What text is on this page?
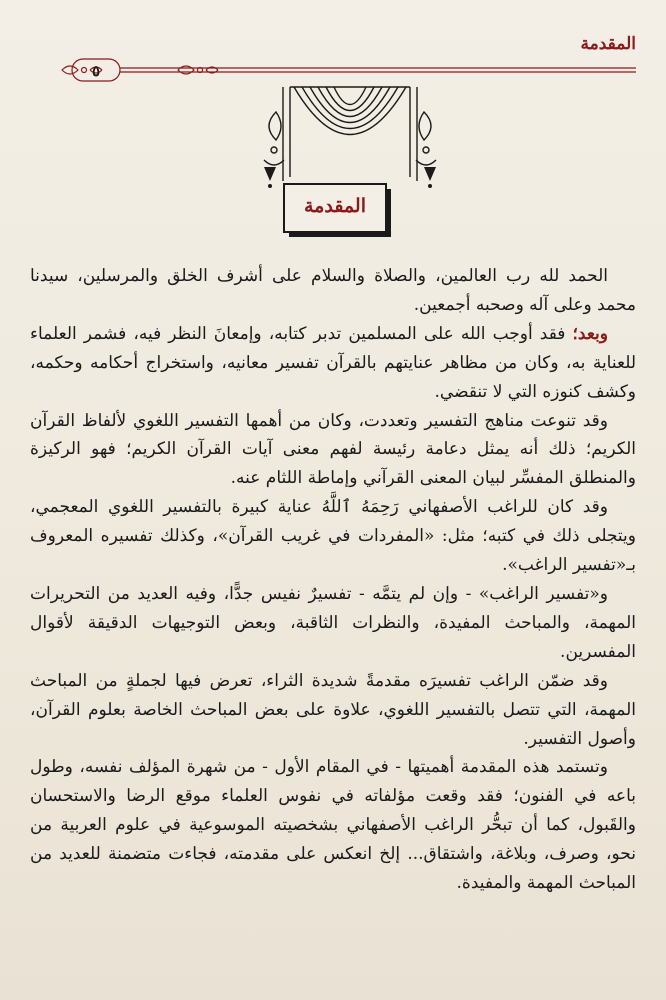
المقدمة
٥
المقدمة

الحمد لله رب العالمين، والصلاة والسلام على أشرف الخلق والمرسلين، سيدنا محمد وعلى آله وصحبه أجمعين.

وبعد؛ فقد أوجب الله على المسلمين تدبر كتابه، وإمعانَ النظر فيه، فشمر العلماء للعناية به، وكان من مظاهر عنايتهم بالقرآن تفسير معانيه، واستخراج أحكامه وحكمه، وكشف كنوزه التي لا تنقضي.

وقد تنوعت مناهج التفسير وتعددت، وكان من أهمها التفسير اللغوي لألفاظ القرآن الكريم؛ ذلك أنه يمثل دعامة رئيسة لفهم معنى آيات القرآن الكريم؛ فهو الركيزة والمنطلق المفسِّر لبيان المعنى القرآني وإماطة اللثام عنه.

وقد كان للراغب الأصفهاني رَحِمَهُ ٱللَّهُ عناية كبيرة بالتفسير اللغوي المعجمي، ويتجلى ذلك في كتبه؛ مثل: «المفردات في غريب القرآن»، وكذلك تفسيره المعروف بـ«تفسير الراغب».

و«تفسير الراغب» - وإن لم يتمَّه - تفسيرٌ نفيس جدًّا، وفيه العديد من التحريرات المهمة، والمباحث المفيدة، والنظرات الثاقبة، وبعض التوجيهات الدقيقة لأقوال المفسرين.

وقد ضمّن الراغب تفسيرَه مقدمةً شديدة الثراء، تعرض فيها لجملةٍ من المباحث المهمة، التي تتصل بالتفسير اللغوي، علاوة على بعض المباحث الخاصة بعلوم القرآن، وأصول التفسير.

وتستمد هذه المقدمة أهميتها - في المقام الأول - من شهرة المؤلف نفسه، وطول باعه في الفنون؛ فقد وقعت مؤلفاته في نفوس العلماء موقع الرضا والاستحسان والقَبول، كما أن تبحُّر الراغب الأصفهاني بشخصيته الموسوعية في علوم العربية من نحو، وصرف، وبلاغة، واشتقاق... إلخ انعكس على مقدمته، فجاءت متضمنة للعديد من المباحث المهمة والمفيدة.
